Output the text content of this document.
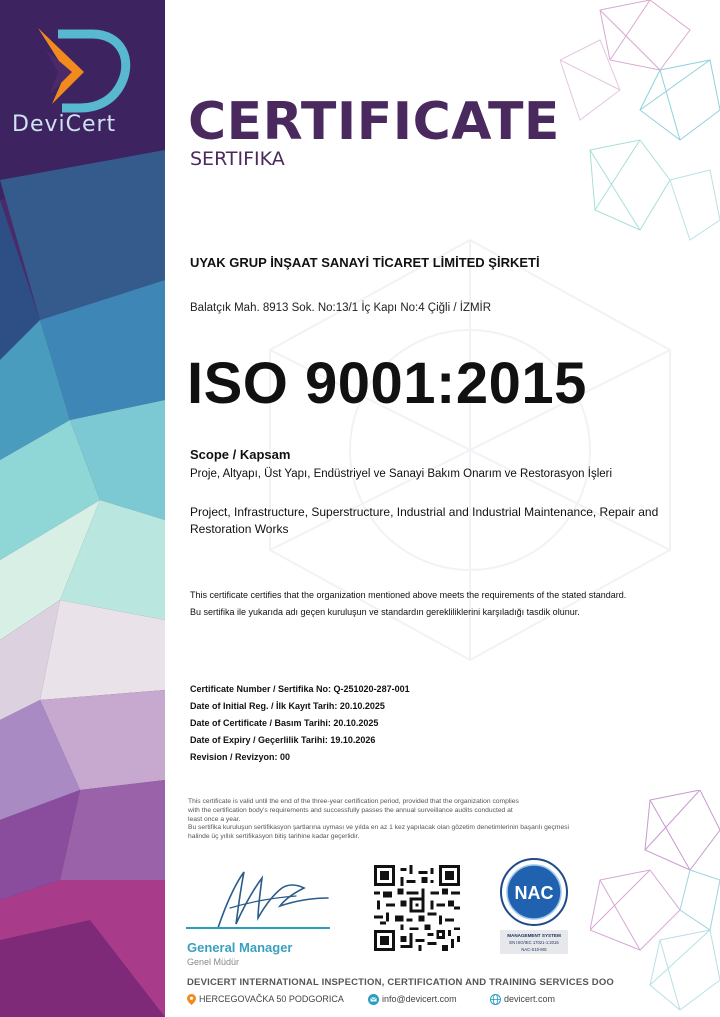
DeviCert CERTIFICATE
SERTIFIKA
UYAK GRUP İNŞAAT SANAYİ TİCARET LİMİTED ŞİRKETİ
Balatçık Mah. 8913 Sok. No:13/1 İç Kapı No:4 Çiğli / İZMİR
ISO 9001:2015
Scope / Kapsam
Proje, Altyapı, Üst Yapı, Endüstriyel ve Sanayi Bakım Onarım ve Restorasyon İşleri
Project, Infrastructure, Superstructure, Industrial and Industrial Maintenance, Repair and Restoration Works
This certificate certifies that the organization mentioned above meets the requirements of the stated standard.
Bu sertifika ile yukarıda adı geçen kuruluşun ve standardın gerekliliklerini karşıladığı tasdik olunur.
Certificate Number / Sertifika No: Q-251020-287-001
Date of Initial Reg. / İlk Kayıt Tarih: 20.10.2025
Date of Certificate / Basım Tarihi: 20.10.2025
Date of Expiry / Geçerlilik Tarihi: 19.10.2026
Revision / Revizyon: 00
This certificate is valid until the end of the three-year certification period, provided that the organization complies
with the certification body's requirements and successfully passes the annual surveillance audits conducted at
least once a year.
Bu sertifika kuruluşun sertifikasyon şartlarına uyması ve yılda en az 1 kez yapılacak olan gözetim denetimlerinin başarılı geçmesi
halinde üç yıllık sertifikasyon bitiş tarihine kadar geçerlidir.
General Manager
Genel Müdür
NAC
MANAGEMENT SYSTEM
EN ISO/IEC 17021-1:2015
NAC-S10-MS
DEVICERT INTERNATIONAL INSPECTION, CERTIFICATION AND TRAINING SERVICES DOO
HERCEGOVAČKA 50 PODGORICA	info@devicert.com	devicert.com
